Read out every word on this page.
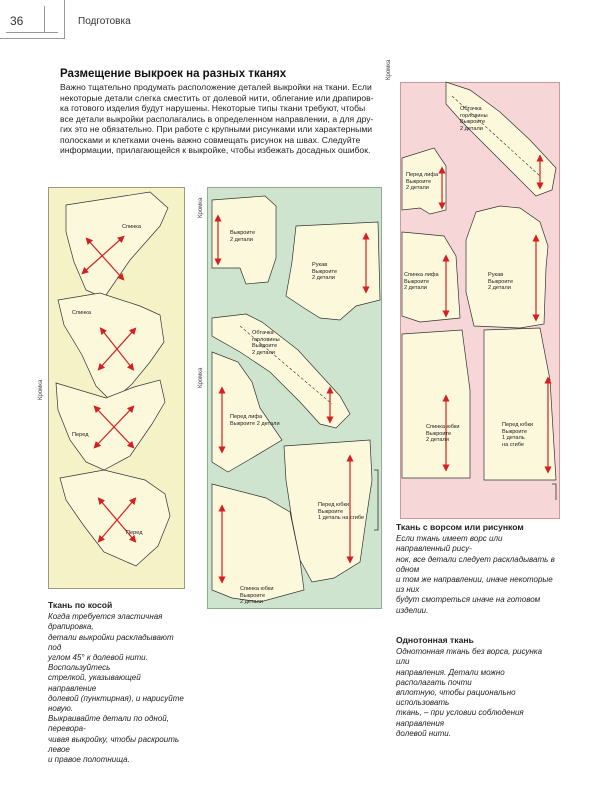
36	Подготовка
Размещение выкроек на разных тканях
Важно тщательно продумать расположение деталей выкройки на ткани. Если
некоторые детали слегка сместить от долевой нити, облегание или драпиров-
ка готового изделия будут нарушены. Некоторые типы ткани требуют, чтобы
все детали выкройки располагались в определенном направлении, а для дру-
гих это не обязательно. При работе с крупными рисунками или характерными
полосками и клетками очень важно совмещать рисунок на швах. Следуйте
информации, прилагающейся к выкройке, чтобы избежать досадных ошибок.
Кромка
Кромка
Кромка
Кромка
Спинка
Спинка
Перед
Перед
Выкроите
2 детали
Рукав
Выкроите
2 детали
Обтачка
горловины
Выкроите
2 детали
Перед лифа
Выкроите 2 детали
Перед юбки
Выкроите
1 деталь на сгибе
Спинка юбки
Выкроите
2 детали
Обтачка
горловины
Выкроите
2 детали
Перед лифа
Выкроите
2 детали
Спинка лифа
Выкроите
2 детали
Рукав
Выкроите
2 детали
Спинка юбки
Выкроите
2 детали
Перед юбки
Выкроите
1 деталь
на сгибе
Ткань по косой
Когда требуется эластичная драпировка,
детали выкройки раскладывают под
углом 45° к долевой нити. Воспользуйтесь
стрелкой, указывающей направление
долевой (пунктирная), и нарисуйте новую.
Выкраивайте детали по одной, перевора-
чивая выкройку, чтобы раскроить левое
и правое полотнища.
Ткань с ворсом или рисунком
Если ткань имеет ворс или направленный рису-
нок, все детали следует раскладывать в одном
и том же направлении, иначе некоторые из них
будут смотреться иначе на готовом изделии.
Однотонная ткань
Однотонная ткань без ворса, рисунка или
направления. Детали можно располагать почти
вплотную, чтобы рационально использовать
ткань, – при условии соблюдения направления
долевой нити.
